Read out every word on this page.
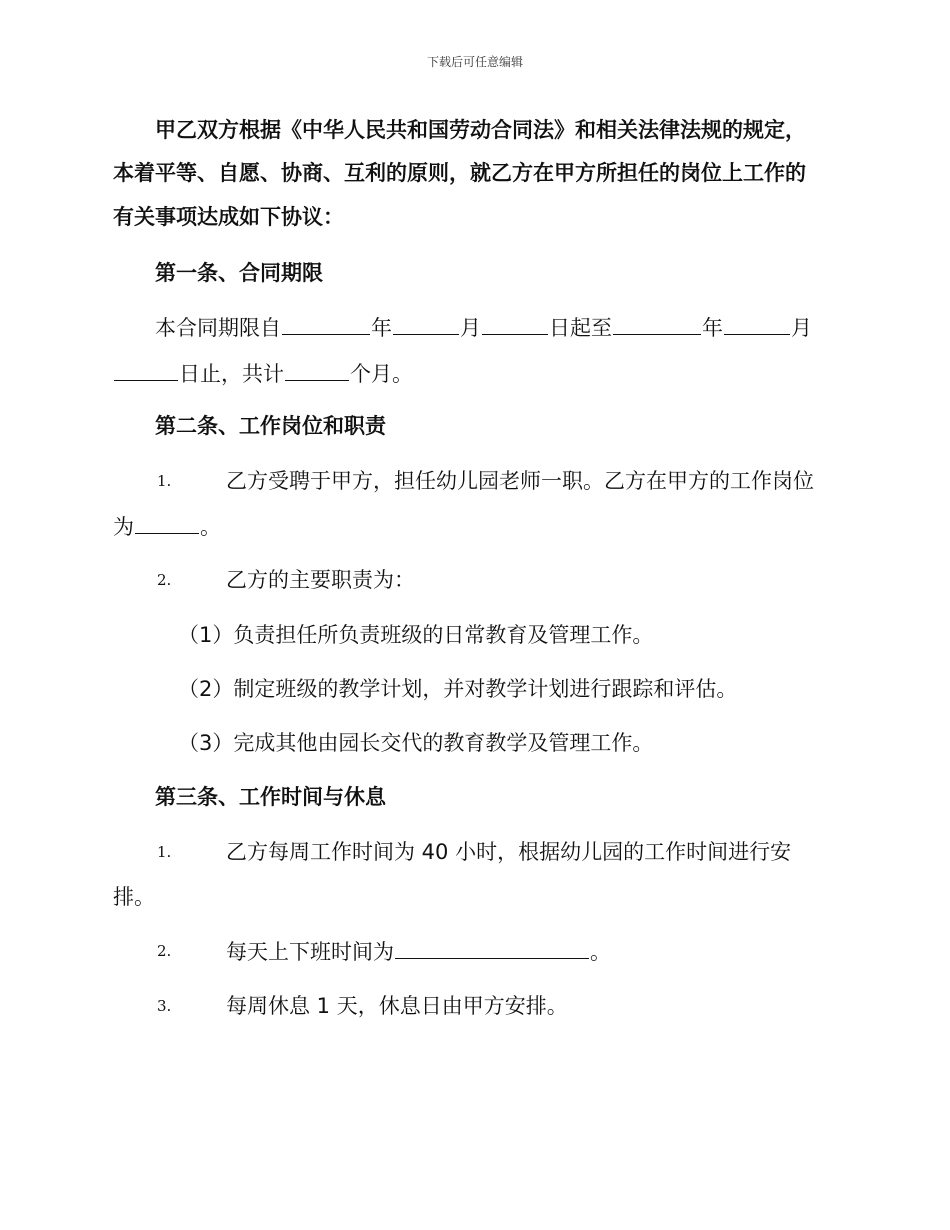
下载后可任意编辑
甲乙双方根据《中华人民共和国劳动合同法》和相关法律法规的规定，
本着平等、自愿、协商、互利的原则，就乙方在甲方所担任的岗位上工作的
有关事项达成如下协议：
第一条、合同期限
本合同期限自	年	月	日起至	年	月
日止，共计	个月。
第二条、工作岗位和职责
1.	乙方受聘于甲方，担任幼儿园老师一职。乙方在甲方的工作岗位
为	。
2.	乙方的主要职责为：
（1）负责担任所负责班级的日常教育及管理工作。
（2）制定班级的教学计划，并对教学计划进行跟踪和评估。
（3）完成其他由园长交代的教育教学及管理工作。
第三条、工作时间与休息
1.	乙方每周工作时间为 40 小时，根据幼儿园的工作时间进行安
排。
2.	每天上下班时间为	。
3.	每周休息 1 天，休息日由甲方安排。
